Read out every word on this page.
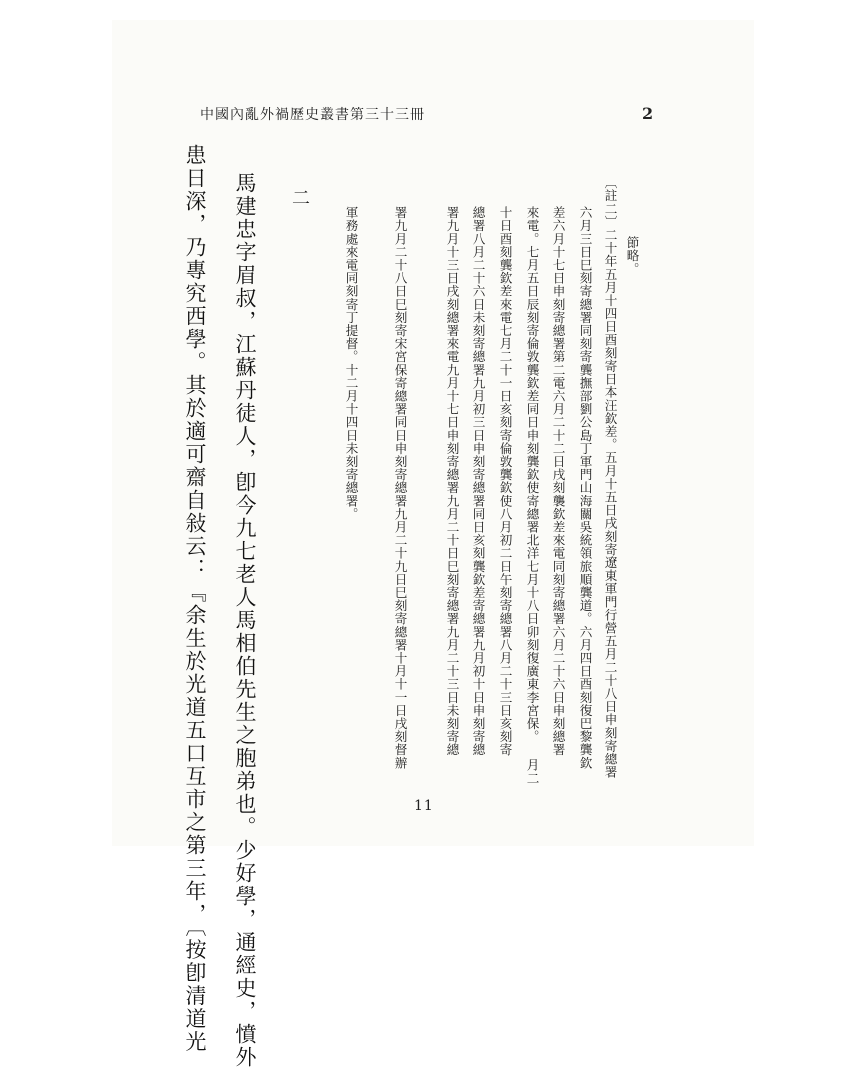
中國內亂外禍歷史叢書第三十三冊	2
節略。
〔註二〕二十年五月十四日酉刻寄日本汪欽差。五月十五日戌刻寄遼東軍門行營五月二十八日申刻寄總署
六月三日巳刻寄總署同刻寄龔撫部劉公島丁軍門山海關吳統領旅順龔道。六月四日酉刻復巴黎龔欽
差六月十七日申刻寄總署第二電六月二十二日戌刻襲欽差來電同刻寄總署六月二十六日申刻總署
來電。七月五日辰刻寄倫敦龔欽差同日申刻龔欽使寄總署北洋七月十八日卯刻復廣東李宮保。 月二
十日酉刻龔欽差來電七月二十一日亥刻寄倫敦龔欽使八月初二日午刻寄總署八月二十三日亥刻寄
總署八月二十六日未刻寄總署九月初三日申刻寄總署同日亥刻龔欽差寄總署九月初十日申刻寄總
署九月十三日戌刻總署來電九月十七日申刻寄總署九月二十日巳刻寄總署九月二十三日未刻寄總
署九月二十八日巳刻寄宋宮保寄總署同日申刻寄總署九月二十九日巳刻寄總署十月十一日戌刻督辦
軍務處來電同刻寄丁提督。十二月十四日未刻寄總署。
二
馬建忠字眉叔，江蘇丹徒人，卽今九七老人馬相伯先生之胞弟也。少好學，通經史，憤外
患日深，乃專究西學。其於適可齋自敍云：『余生於光道五口互市之第三年，〔按卽清道光	11
